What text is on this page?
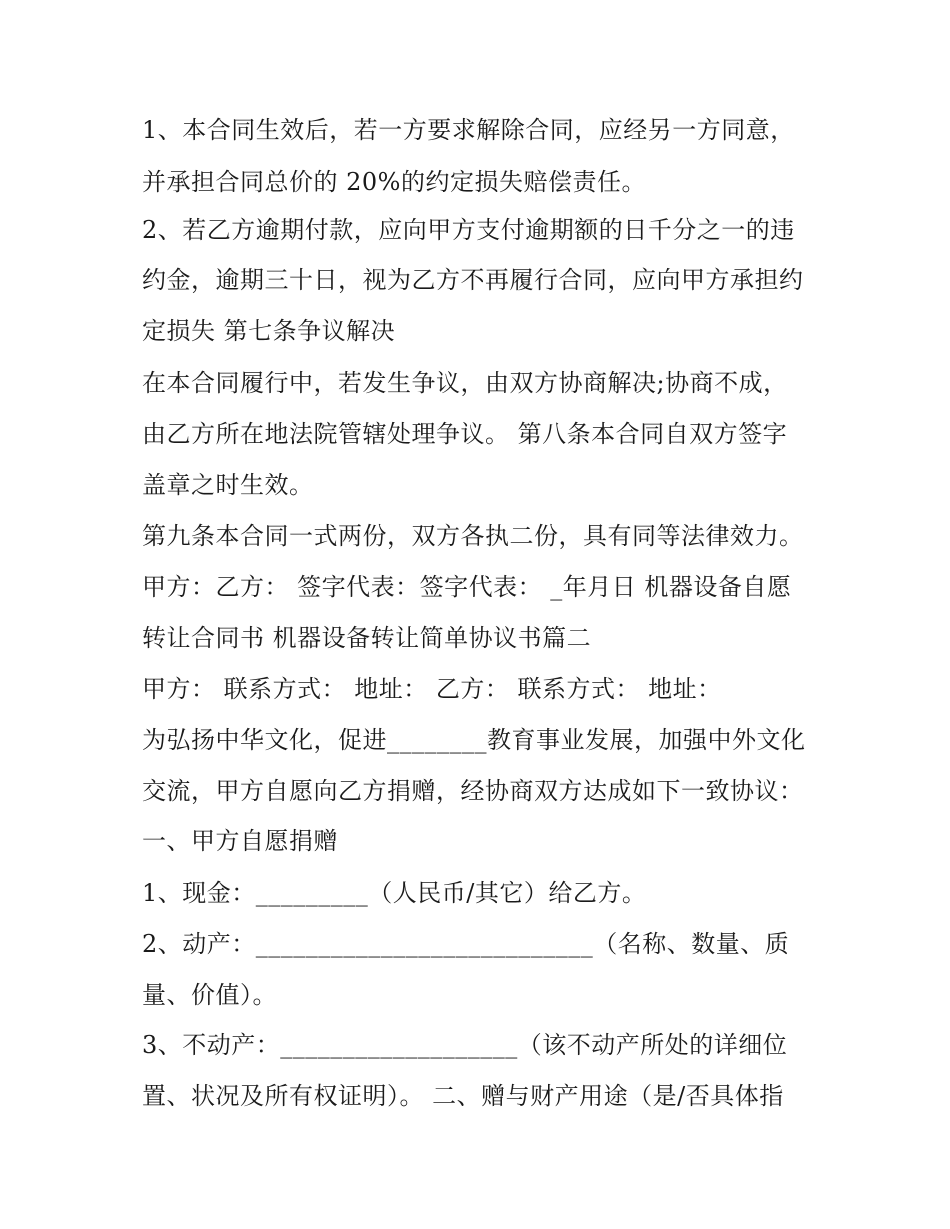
1、本合同生效后，若一方要求解除合同，应经另一方同意，
并承担合同总价的 20%的约定损失赔偿责任。
2、若乙方逾期付款，应向甲方支付逾期额的日千分之一的违
约金，逾期三十日，视为乙方不再履行合同，应向甲方承担约
定损失 第七条争议解决
在本合同履行中，若发生争议，由双方协商解决;协商不成，
由乙方所在地法院管辖处理争议。 第八条本合同自双方签字
盖章之时生效。
第九条本合同一式两份，双方各执二份，具有同等法律效力。
甲方：乙方： 签字代表：签字代表： _年月日 机器设备自愿
转让合同书 机器设备转让简单协议书篇二
甲方： 联系方式： 地址： 乙方： 联系方式： 地址：
为弘扬中华文化，促进________教育事业发展，加强中外文化
交流，甲方自愿向乙方捐赠，经协商双方达成如下一致协议：
一、甲方自愿捐赠
1、现金：_________（人民币/其它）给乙方。
2、动产：___________________________（名称、数量、质
量、价值）。
3、不动产：___________________（该不动产所处的详细位
置、状况及所有权证明）。 二、赠与财产用途（是/否具体指
